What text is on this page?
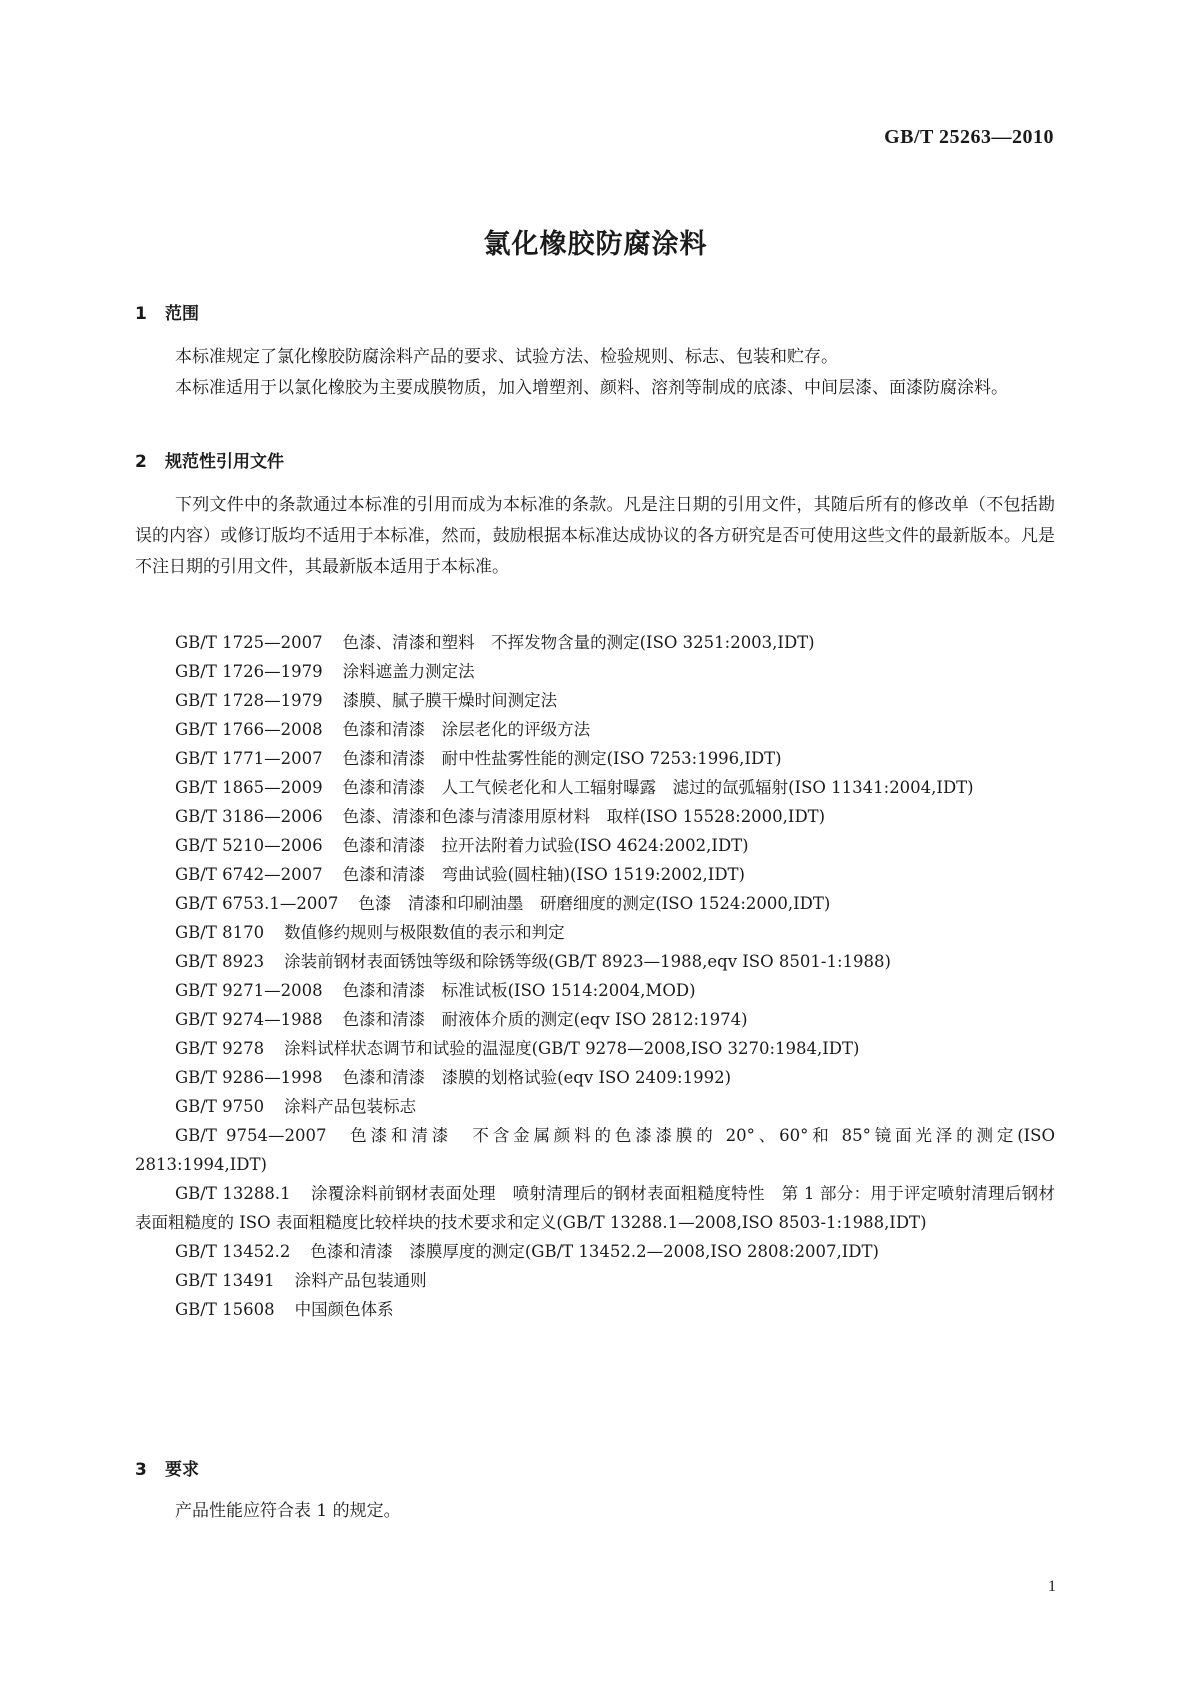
GB/T 25263—2010
氯化橡胶防腐涂料
1 范围

本标准规定了氯化橡胶防腐涂料产品的要求、试验方法、检验规则、标志、包装和贮存。

本标准适用于以氯化橡胶为主要成膜物质，加入增塑剂、颜料、溶剂等制成的底漆、中间层漆、面漆防腐涂料。

2 规范性引用文件

下列文件中的条款通过本标准的引用而成为本标准的条款。凡是注日期的引用文件，其随后所有的修改单（不包括勘误的内容）或修订版均不适用于本标准，然而，鼓励根据本标准达成协议的各方研究是否可使用这些文件的最新版本。凡是不注日期的引用文件，其最新版本适用于本标准。

GB/T 1725—2007 色漆、清漆和塑料　不挥发物含量的测定(ISO 3251:2003,IDT)
GB/T 1726—1979 涂料遮盖力测定法
GB/T 1728—1979 漆膜、腻子膜干燥时间测定法
GB/T 1766—2008 色漆和清漆　涂层老化的评级方法
GB/T 1771—2007 色漆和清漆　耐中性盐雾性能的测定(ISO 7253:1996,IDT)
GB/T 1865—2009 色漆和清漆　人工气候老化和人工辐射曝露　滤过的氙弧辐射(ISO 11341:2004,IDT)
GB/T 3186—2006 色漆、清漆和色漆与清漆用原材料　取样(ISO 15528:2000,IDT)
GB/T 5210—2006 色漆和清漆　拉开法附着力试验(ISO 4624:2002,IDT)
GB/T 6742—2007 色漆和清漆　弯曲试验(圆柱轴)(ISO 1519:2002,IDT)
GB/T 6753.1—2007 色漆　清漆和印刷油墨　研磨细度的测定(ISO 1524:2000,IDT)
GB/T 8170 数值修约规则与极限数值的表示和判定
GB/T 8923 涂装前钢材表面锈蚀等级和除锈等级(GB/T 8923—1988,eqv ISO 8501-1:1988)
GB/T 9271—2008 色漆和清漆　标准试板(ISO 1514:2004,MOD)
GB/T 9274—1988 色漆和清漆　耐液体介质的测定(eqv ISO 2812:1974)
GB/T 9278 涂料试样状态调节和试验的温湿度(GB/T 9278—2008,ISO 3270:1984,IDT)
GB/T 9286—1998 色漆和清漆　漆膜的划格试验(eqv ISO 2409:1992)
GB/T 9750 涂料产品包装标志
GB/T 9754—2007 色漆和清漆　不含金属颜料的色漆漆膜的 20°、60°和 85°镜面光泽的测定(ISO 2813:1994,IDT)
GB/T 13288.1 涂覆涂料前钢材表面处理　喷射清理后的钢材表面粗糙度特性　第 1 部分：用于评定喷射清理后钢材表面粗糙度的 ISO 表面粗糙度比较样块的技术要求和定义(GB/T 13288.1—2008,ISO 8503-1:1988,IDT)
GB/T 13452.2 色漆和清漆　漆膜厚度的测定(GB/T 13452.2—2008,ISO 2808:2007,IDT)
GB/T 13491 涂料产品包装通则
GB/T 15608 中国颜色体系
3 要求

产品性能应符合表 1 的规定。

1
